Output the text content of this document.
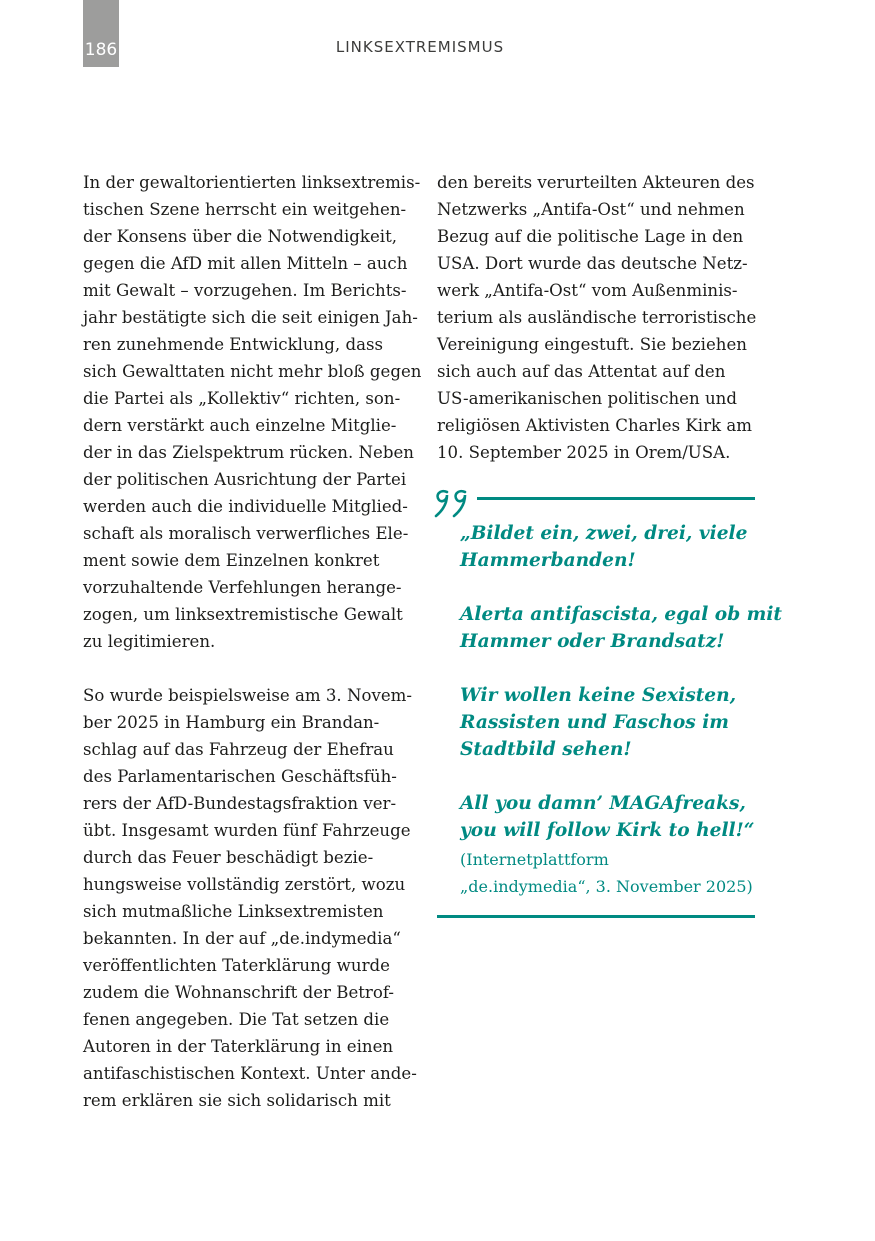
186	LINKSEXTREMISMUS
In der gewaltorientierten linksextremis-
tischen Szene herrscht ein weitgehen-
der Konsens über die Notwendigkeit,
gegen die AfD mit allen Mitteln – auch
mit Gewalt – vorzugehen. Im Berichts-
jahr bestätigte sich die seit einigen Jah-
ren zunehmende Entwicklung, dass
sich Gewalttaten nicht mehr bloß gegen
die Partei als „Kollektiv“ richten, son-
dern verstärkt auch einzelne Mitglie-
der in das Zielspektrum rücken. Neben
der politischen Ausrichtung der Partei
werden auch die individuelle Mitglied-
schaft als moralisch verwerfliches Ele-
ment sowie dem Einzelnen konkret
vorzuhaltende Verfehlungen herange-
zogen, um linksextremistische Gewalt
zu legitimieren.
So wurde beispielsweise am 3. Novem-
ber 2025 in Hamburg ein Brandan-
schlag auf das Fahrzeug der Ehefrau
des Parlamentarischen Geschäftsfüh-
rers der AfD-Bundestagsfraktion ver-
übt. Insgesamt wurden fünf Fahrzeuge
durch das Feuer beschädigt bezie-
hungsweise vollständig zerstört, wozu
sich mutmaßliche Linksextremisten
bekannten. In der auf „de.indymedia“
veröffentlichten Taterklärung wurde
zudem die Wohnanschrift der Betrof-
fenen angegeben. Die Tat setzen die
Autoren in der Taterklärung in einen
antifaschistischen Kontext. Unter ande-
rem erklären sie sich solidarisch mit
den bereits verurteilten Akteuren des
Netzwerks „Antifa-Ost“ und nehmen
Bezug auf die politische Lage in den
USA. Dort wurde das deutsche Netz-
werk „Antifa-Ost“ vom Außenminis-
terium als ausländische terroristische
Vereinigung eingestuft. Sie beziehen
sich auch auf das Attentat auf den
US-amerikanischen politischen und
religiösen Aktivisten Charles Kirk am
10. September 2025 in Orem/USA.
„Bildet ein, zwei, drei, viele
Hammerbanden!
Alerta antifascista, egal ob mit
Hammer oder Brandsatz!
Wir wollen keine Sexisten,
Rassisten und Faschos im
Stadtbild sehen!
All you damn’ MAGAfreaks,
you will follow Kirk to hell!“
(Internetplattform
„de.indymedia“, 3. November 2025)
